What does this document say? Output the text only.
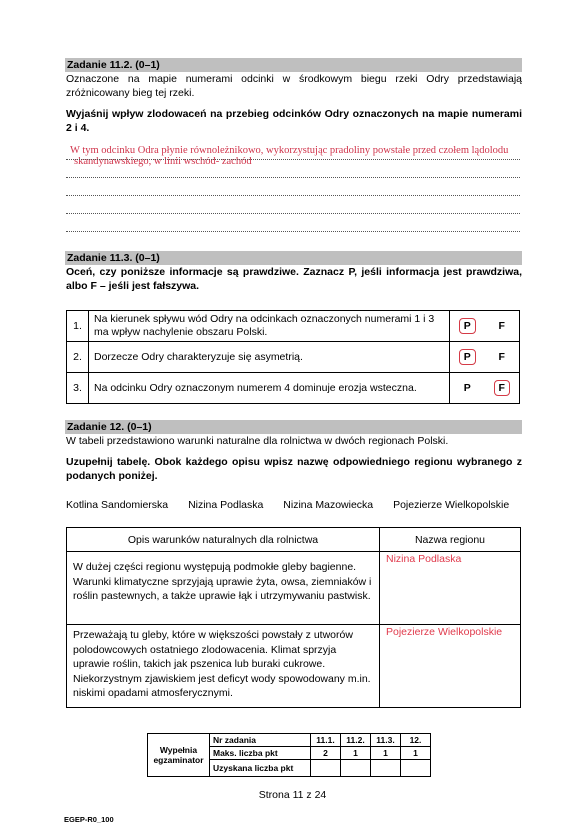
Zadanie 11.2. (0–1)
Oznaczone na mapie numerami odcinki w środkowym biegu rzeki Odry przedstawiają zróżnicowany bieg tej rzeki.
Wyjaśnij wpływ zlodowaceń na przebieg odcinków Odry oznaczonych na mapie numerami 2 i 4.
W tym odcinku Odra płynie równoleżnikowo, wykorzystując pradoliny powstałe przed czołem lądolodu
skandynawskiego, w linii wschód- zachód
Zadanie 11.3. (0–1)
Oceń, czy poniższe informacje są prawdziwe. Zaznacz P, jeśli informacja jest prawdziwa, albo F – jeśli jest fałszywa.
1.	Na kierunek spływu wód Odry na odcinkach oznaczonych numerami 1 i 3 ma wpływ nachylenie obszaru Polski.	P	F
2.	Dorzecze Odry charakteryzuje się asymetrią.	P	F
3.	Na odcinku Odry oznaczonym numerem 4 dominuje erozja wsteczna.	P	F
Zadanie 12. (0–1)
W tabeli przedstawiono warunki naturalne dla rolnictwa w dwóch regionach Polski.
Uzupełnij tabelę. Obok każdego opisu wpisz nazwę odpowiedniego regionu wybranego z podanych poniżej.
Kotlina Sandomierska Nizina Podlaska Nizina Mazowiecka Pojezierze Wielkopolskie
Opis warunków naturalnych dla rolnictwa	Nazwa regionu
W dużej części regionu występują podmokłe gleby bagienne. Warunki klimatyczne sprzyjają uprawie żyta, owsa, ziemniaków i roślin pastewnych, a także uprawie łąk i utrzymywaniu pastwisk.	Nizina Podlaska
Przeważają tu gleby, które w większości powstały z utworów polodowcowych ostatniego zlodowacenia. Klimat sprzyja uprawie roślin, takich jak pszenica lub buraki cukrowe. Niekorzystnym zjawiskiem jest deficyt wody spowodowany m.in. niskimi opadami atmosferycznymi.	Pojezierze Wielkopolskie
Wypełnia
egzaminator	Nr zadania	11.1.	11.2.	11.3.	12.
	Maks. liczba pkt	2	1	1	1
	Uzyskana liczba pkt				
Strona 11 z 24
EGEP-R0_100
